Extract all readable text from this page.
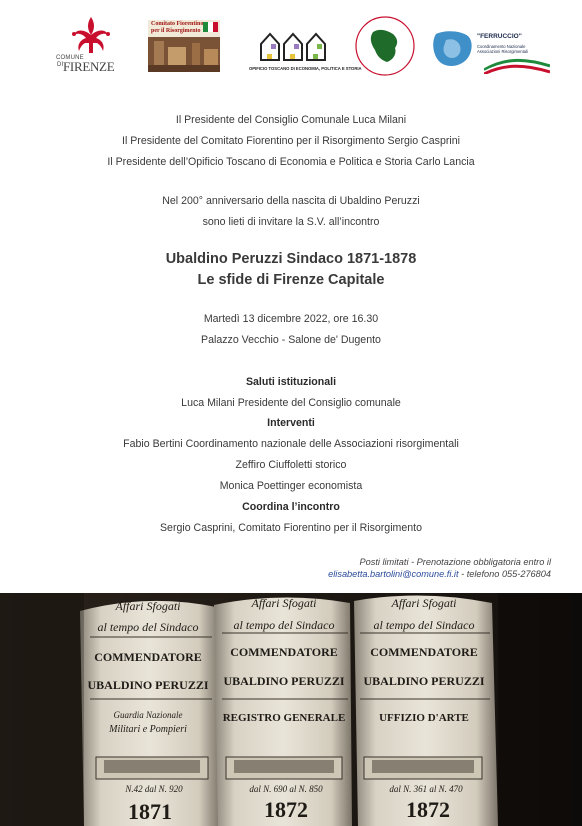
COMUNE
DI FIRENZE
Comitato Fiorentino
per il Risorgimento
OPIFICIO TOSCANO DI ECONOMIA, POLITICA E STORIA
"FERRUCCIO"
Coordinamento Nazionale
Associazioni Risorgimentali
Il Presidente del Consiglio Comunale Luca Milani
Il Presidente del Comitato Fiorentino per il Risorgimento Sergio Casprini
Il Presidente dell’Opificio Toscano di Economia e Politica e Storia Carlo Lancia
Nel 200° anniversario della nascita di Ubaldino Peruzzi
sono lieti di invitare la S.V. all’incontro
Ubaldino Peruzzi Sindaco 1871-1878
Le sfide di Firenze Capitale
Martedì 13 dicembre 2022, ore 16.30
Palazzo Vecchio - Salone de' Dugento
Saluti istituzionali
Luca Milani Presidente del Consiglio comunale
Interventi
Fabio Bertini Coordinamento nazionale delle Associazioni risorgimentali
Zeffiro Ciuffoletti storico
Monica Poettinger economista
Coordina l’incontro
Sergio Casprini, Comitato Fiorentino per il Risorgimento
Posti limitati - Prenotazione obbligatoria entro il
elisabetta.bartolini@comune.fi.it - telefono 055-276804
Affari Sfogati
al tempo del Sindaco
COMMENDATORE
UBALDINO PERUZZI
Guardia Nazionale
Militari e Pompieri
N.42 dal N. 920
1871
Affari Sfogati
al tempo del Sindaco
COMMENDATORE
UBALDINO PERUZZI
REGISTRO GENERALE
dal N. 690 al N. 850
1872
Affari Sfogati
al tempo del Sindaco
COMMENDATORE
UBALDINO PERUZZI
UFFIZIO D'ARTE
dal N. 361 al N. 470
1872
